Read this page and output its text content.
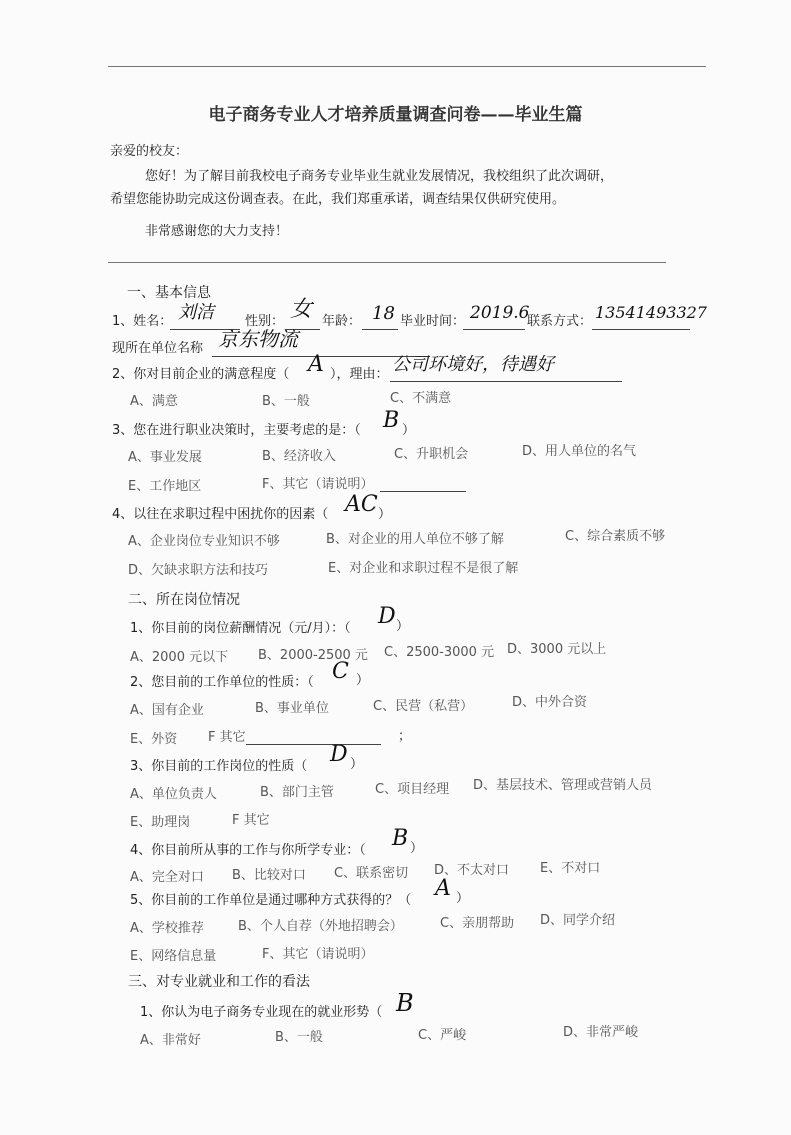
电子商务专业人才培养质量调查问卷——毕业生篇
亲爱的校友：
您好！为了解目前我校电子商务专业毕业生就业发展情况，我校组织了此次调研，
希望您能协助完成这份调查表。在此，我们郑重承诺，调查结果仅供研究使用。
非常感谢您的大力支持！
一、基本信息
1、姓名： 刘洁 性别： 女 年龄： 18 毕业时间： 2019.6
联系方式： 13541493327
现所在单位名称 京东物流
2、你对目前企业的满意程度（ A ），理由： 公司环境好，待遇好
A、满意	B、一般	C、不满意
3、您在进行职业决策时，主要考虑的是：（ B ）
A、事业发展	B、经济收入	C、升职机会	D、用人单位的名气
E、工作地区	F、其它（请说明）
4、以往在求职过程中困扰你的因素（ AC ）
A、企业岗位专业知识不够	B、对企业的用人单位不够了解	C、综合素质不够
D、欠缺求职方法和技巧	E、对企业和求职过程不是很了解
二、所在岗位情况
1、你目前的岗位薪酬情况（元/月）：（ D ）
A、2000 元以下 B、2000-2500 元 C、2500-3000 元 D、3000 元以上
2、您目前的工作单位的性质：（ C ）
A、国有企业	B、事业单位	C、民营（私营）	D、中外合资
E、外资 F 其它	；
3、你目前的工作岗位的性质（ D ）
A、单位负责人	B、部门主管	C、项目经理 D、基层技术、管理或营销人员
E、助理岗	F 其它
4、你目前所从事的工作与你所学专业：（ B ）
A、完全对口 B、比较对口 C、联系密切 D、不太对口 E、不对口
5、你目前的工作单位是通过哪种方式获得的？（ A ）
A、学校推荐	B、个人自荐（外地招聘会）	C、亲朋帮助 D、同学介绍
E、网络信息量	F、其它（请说明）
三、对专业就业和工作的看法
1、你认为电子商务专业现在的就业形势（ B
A、非常好	B、一般	C、严峻	D、非常严峻
